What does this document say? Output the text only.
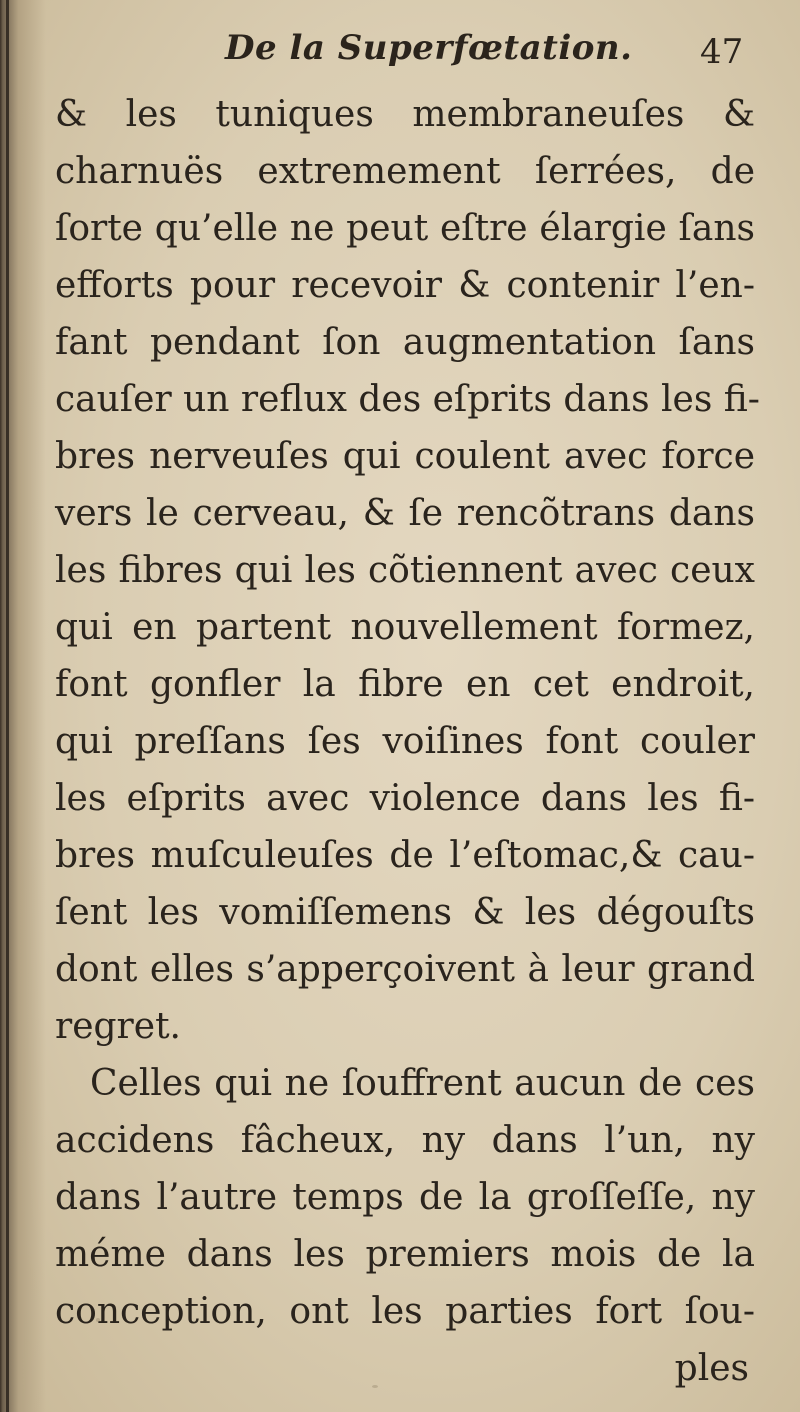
De la Superfœtation. 47
& les tuniques membraneuſes &
charnuës extremement ſerrées, de
ſorte qu’elle ne peut eſtre élargie ſans
efforts pour recevoir & contenir l’en-
fant pendant ſon augmentation ſans
cauſer un reflux des eſprits dans les fi-
bres nerveuſes qui coulent avec force
vers le cerveau, & ſe rencõtrans dans
les fibres qui les cõtiennent avec ceux
qui en partent nouvellement formez,
font gonfler la fibre en cet endroit,
qui preſſans ſes voiſines font couler
les eſprits avec violence dans les fi-
bres muſculeuſes de l’eſtomac,& cau-
ſent les vomiſſemens & les dégouſts
dont elles s’apperçoivent à leur grand
regret.
Celles qui ne ſouffrent aucun de ces
accidens fâcheux, ny dans l’un, ny
dans l’autre temps de la groſſeſſe, ny
méme dans les premiers mois de la
conception, ont les parties fort ſou-
ples
